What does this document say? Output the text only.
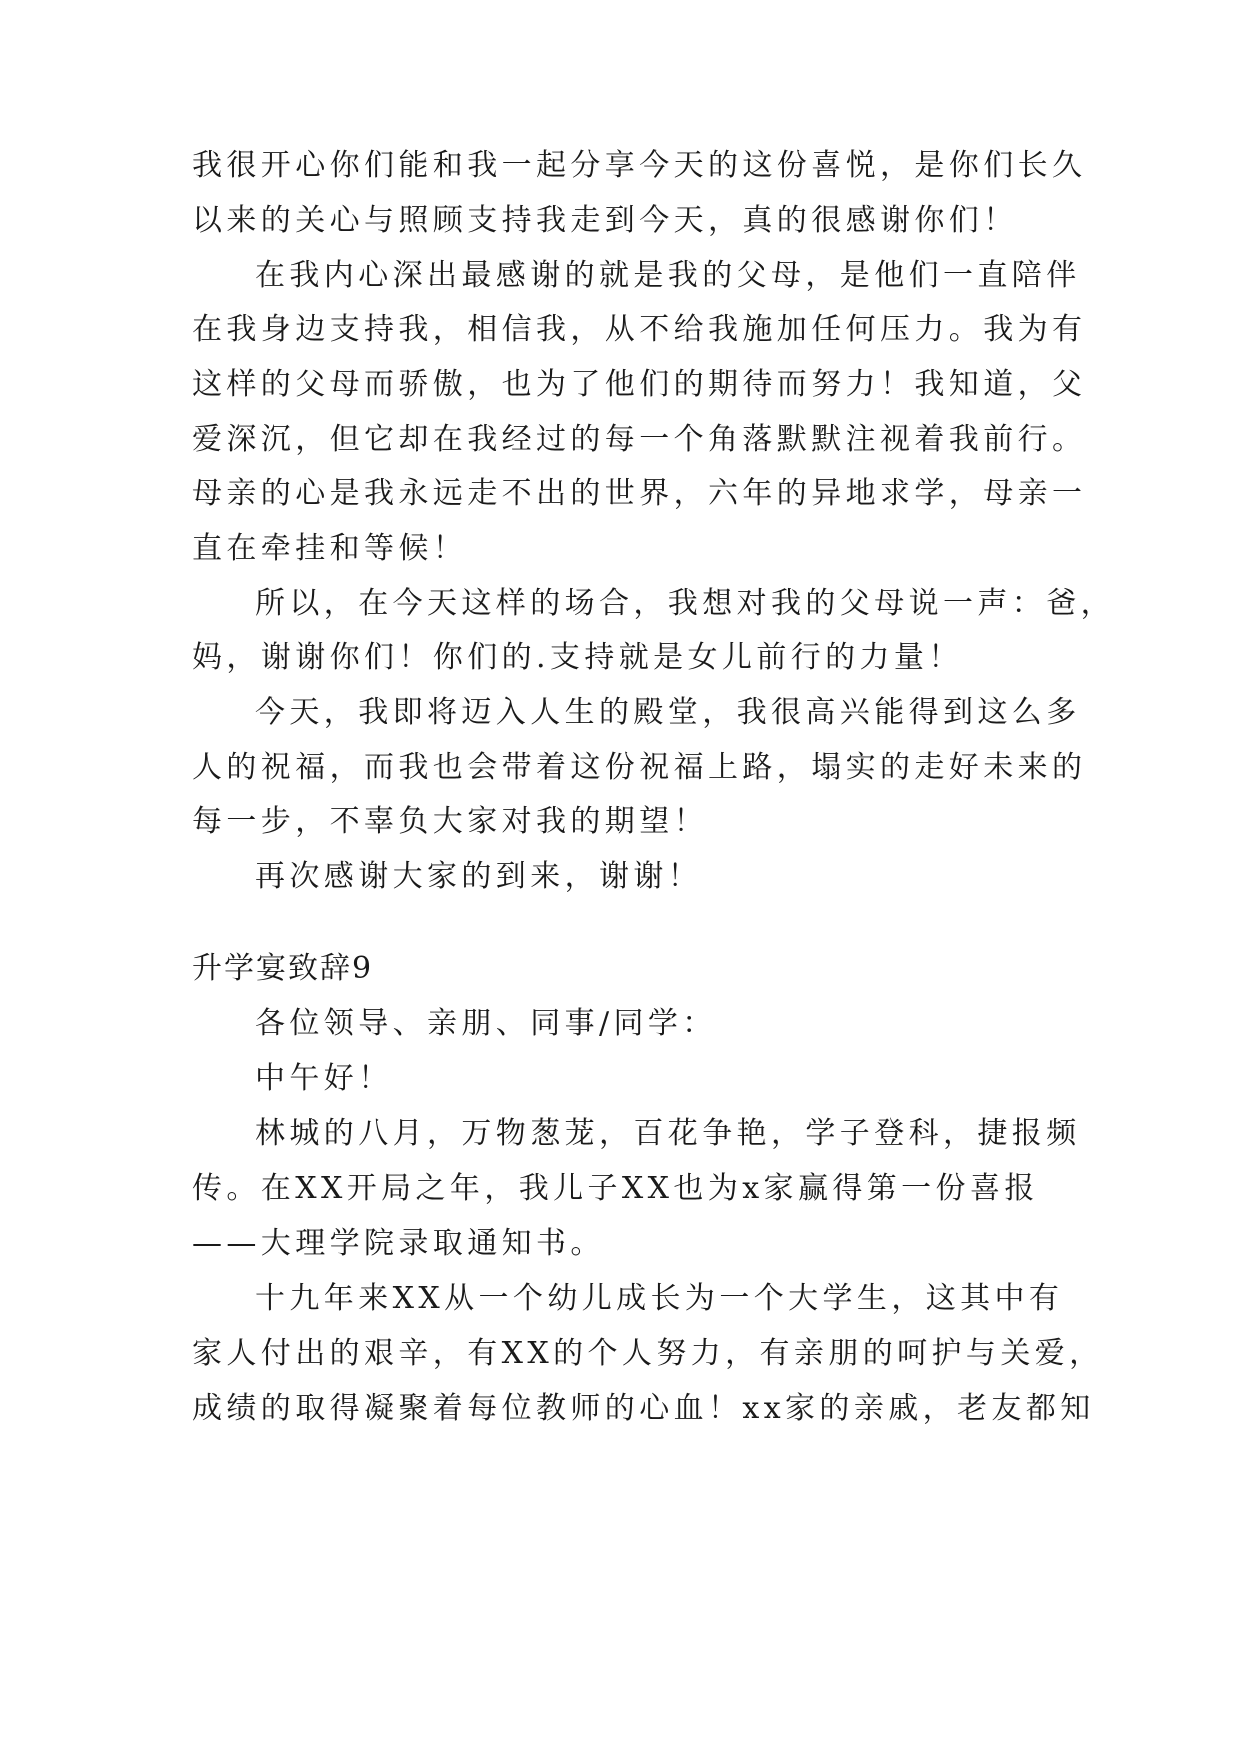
我很开心你们能和我一起分享今天的这份喜悦，是你们长久

以来的关心与照顾支持我走到今天，真的很感谢你们！

在我内心深出最感谢的就是我的父母，是他们一直陪伴

在我身边支持我，相信我，从不给我施加任何压力。我为有

这样的父母而骄傲，也为了他们的期待而努力！我知道，父

爱深沉，但它却在我经过的每一个角落默默注视着我前行。

母亲的心是我永远走不出的世界，六年的异地求学，母亲一

直在牵挂和等候！

所以，在今天这样的场合，我想对我的父母说一声：爸，

妈，谢谢你们！你们的.支持就是女儿前行的力量！

今天，我即将迈入人生的殿堂，我很高兴能得到这么多

人的祝福，而我也会带着这份祝福上路，塌实的走好未来的

每一步，不辜负大家对我的期望！

再次感谢大家的到来，谢谢！

升学宴致辞9

各位领导、亲朋、同事/同学：

中午好！

林城的八月，万物葱茏，百花争艳，学子登科，捷报频

传。在XX开局之年，我儿子XX也为x家赢得第一份喜报

——大理学院录取通知书。

十九年来XX从一个幼儿成长为一个大学生，这其中有

家人付出的艰辛，有XX的个人努力，有亲朋的呵护与关爱，

成绩的取得凝聚着每位教师的心血！xx家的亲戚，老友都知
